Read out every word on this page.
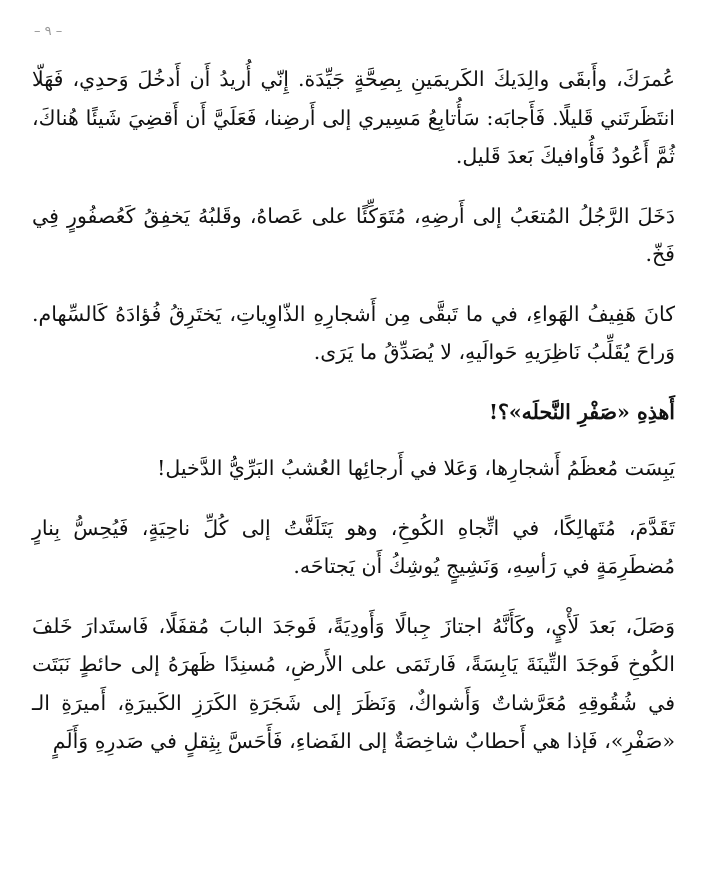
– ٩ –

عُمرَكَ، وأَبقَى والِدَيكَ الكَريمَينِ بِصِحَّةٍ جَيِّدَة. إِنّي أُريدُ أَن أَدخُلَ وَحدِي، فَهَلّا انتَظَرتَني قَليلًا. فَأَجابَه: سَأُتابِعُ مَسِيري إلى أَرضِنا، فَعَلَيَّ أَن أَقضِيَ شَيئًا هُناكَ، ثُمَّ أَعُودُ فَأُوافيكَ بَعدَ قَليل.

دَخَلَ الرَّجُلُ المُتعَبُ إلى أَرضِهِ، مُتَوَكِّئًا على عَصاهُ، وقَلبُهُ يَخفِقُ كَعُصفُورٍ فِي فَخّ.

كانَ هَفِيفُ الهَواءِ، في ما تَبقَّى مِن أَشجارِهِ الذّاوِياتِ، يَختَرِقُ فُؤادَهُ كَالسِّهام. وَراحَ يُقَلِّبُ نَاظِرَيهِ حَوالَيهِ، لا يُصَدِّقُ ما يَرَى.

أَهذِهِ «صَفْرِ النَّحلَه»؟!

يَبِسَت مُعظَمُ أَشجارِها، وَعَلا في أَرجائِها العُشبُ البَرِّيُّ الدَّخيل!

تَقَدَّمَ، مُتَهالِكًا، في اتِّجاهِ الكُوخِ، وهو يَتَلَفَّتُ إلى كُلِّ ناحِيَةٍ، فَيُحِسُّ بِنارٍ مُضطَرِمَةٍ في رَأسِهِ، وَنَشِيجٍ يُوشِكُ أَن يَجتاحَه.

وَصَلَ، بَعدَ لَأْيٍ، وكَأَنَّهُ اجتازَ جِبالًا وَأَودِيَةً، فَوجَدَ البابَ مُقفَلًا، فَاستَدارَ خَلفَ الكُوخِ فَوجَدَ التِّينَةَ يَابِسَةً، فَارتَمَى على الأَرضِ، مُسنِدًا ظَهرَهُ إلى حائطٍ نَبَتَت في شُقُوقِهِ مُعَرَّشاتٌ وَأَشواكٌ، وَنَظَرَ إلى شَجَرَةِ الكَرَزِ الكَبيرَةِ، أَميرَةِ الـ «صَفْرِ»، فَإذا هي أَحطابٌ شاخِصَةٌ إلى الفَضاءِ، فَأَحَسَّ بِثِقلٍ في صَدرِهِ وَأَلَمٍ
